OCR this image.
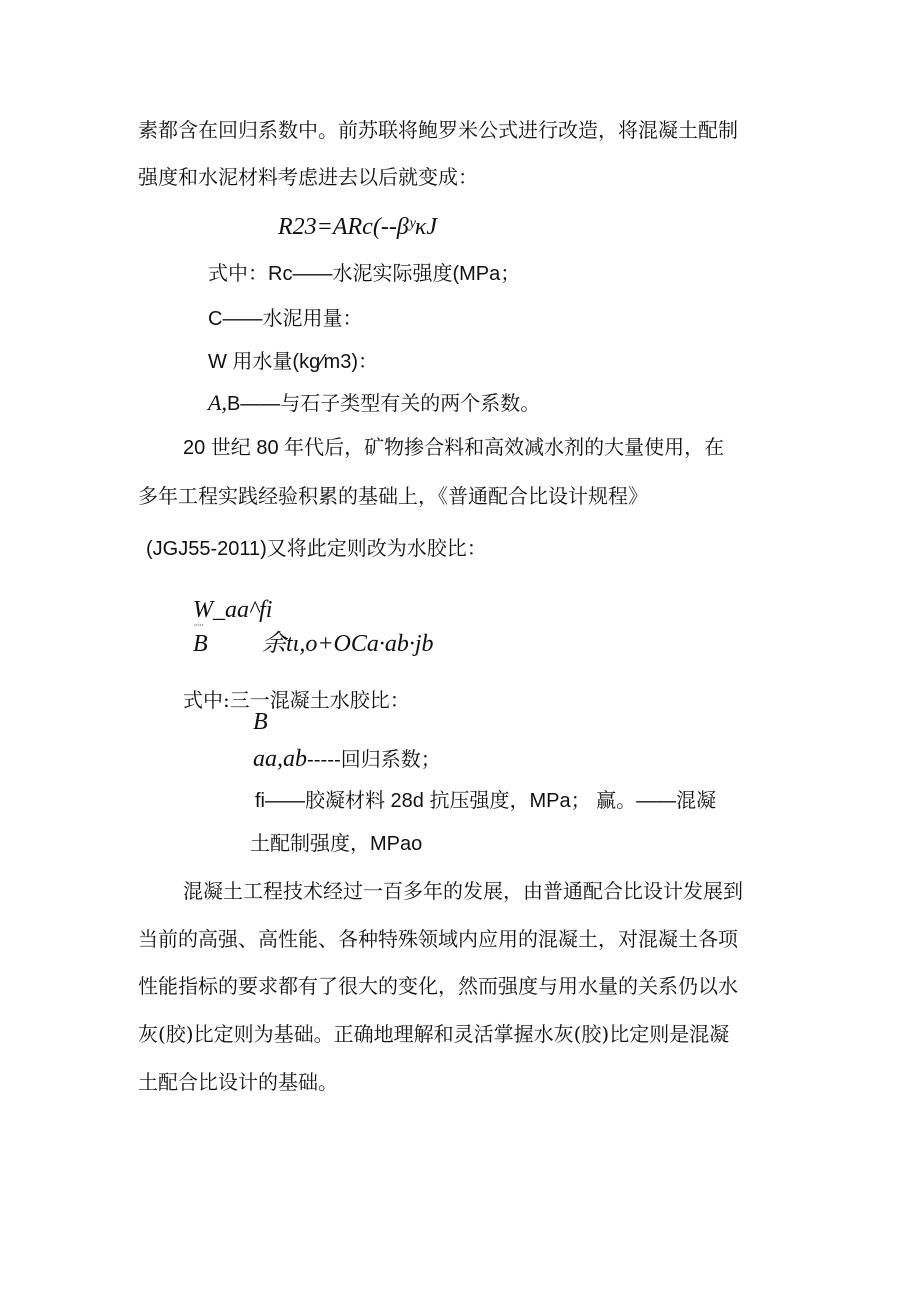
素都含在回归系数中。前苏联将鲍罗米公式进行改造，将混凝土配制
强度和水泥材料考虑进去以后就变成：
R23=ARc(--βʸκJ
式中：Rc——水泥实际强度(MPa；
C——水泥用量：
W 用水量(kg⁄m3)：
A,B——与石子类型有关的两个系数。
20 世纪 80 年代后，矿物掺合料和高效减水剂的大量使用，在
多年工程实践经验积累的基础上，《普通配合比设计规程》
(JGJ55-2011)又将此定则改为水胶比：
W_aa^fi
'''''
B 余tι,o+OCa·ab·jb
式中:三一混凝土水胶比：
B
aa,ab-----回归系数；
fi——胶凝材料 28d 抗压强度，MPa； 赢。——混凝
土配制强度，MPao
混凝土工程技术经过一百多年的发展，由普通配合比设计发展到
当前的高强、高性能、各种特殊领域内应用的混凝土，对混凝土各项
性能指标的要求都有了很大的变化，然而强度与用水量的关系仍以水
灰(胶)比定则为基础。正确地理解和灵活掌握水灰(胶)比定则是混凝
土配合比设计的基础。
